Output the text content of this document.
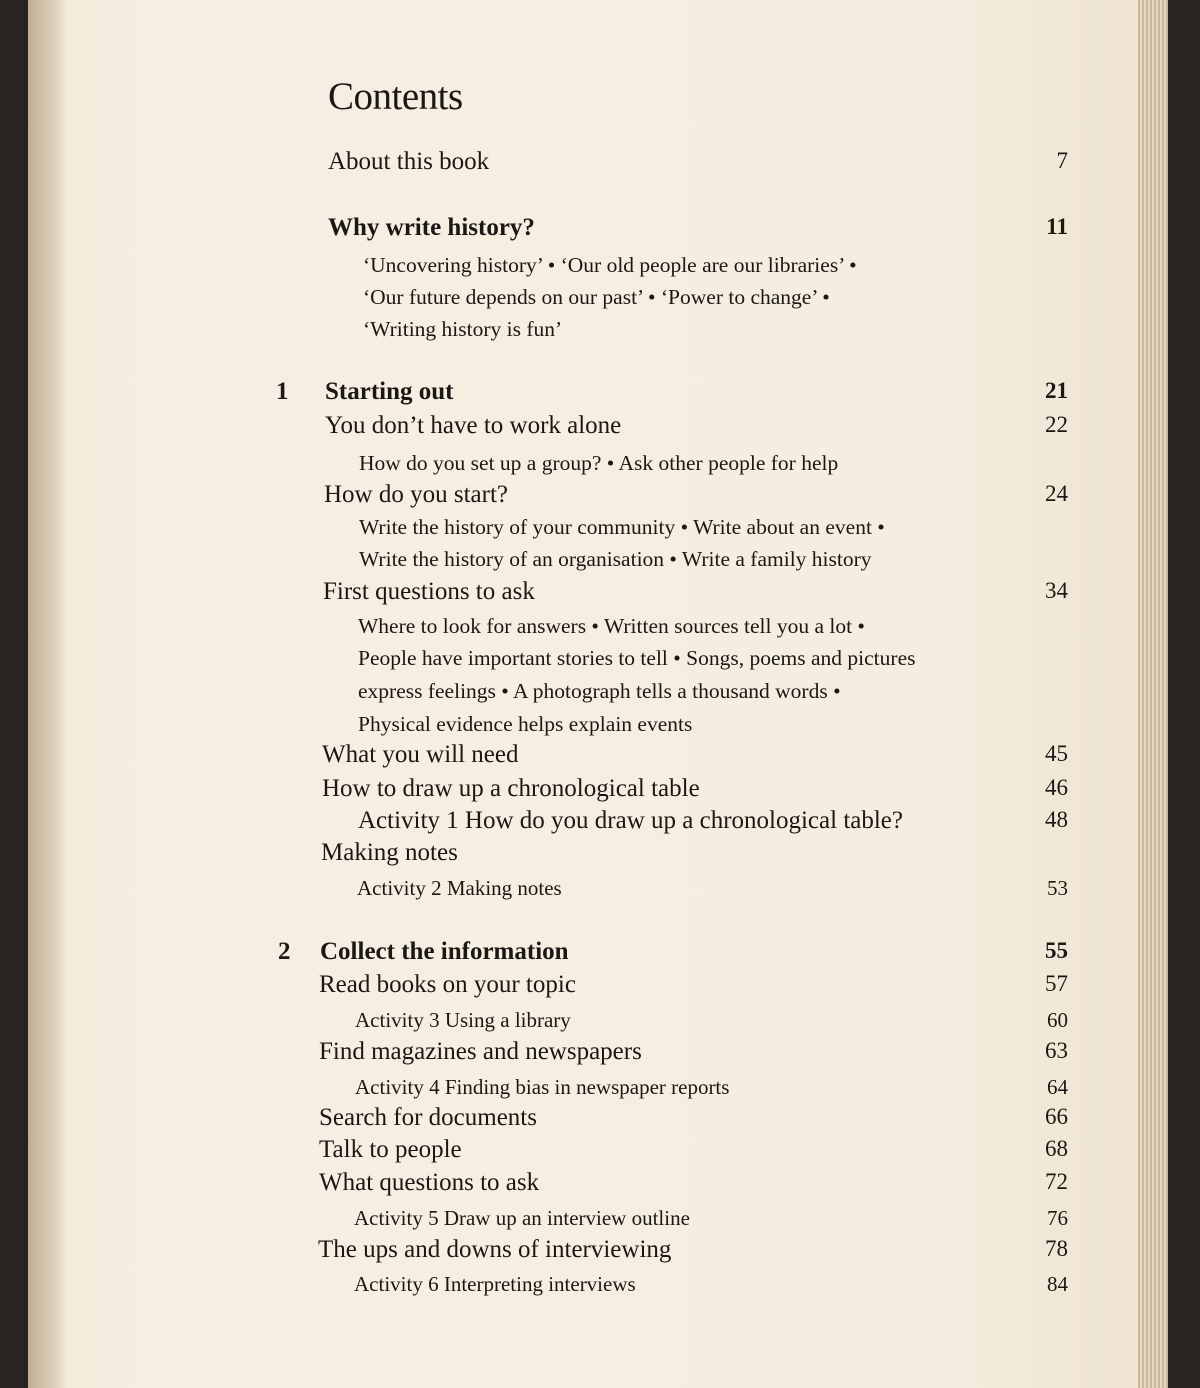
Contents
About this book	7
Why write history?	11
‘Uncovering history’ • ‘Our old people are our libraries’ •
‘Our future depends on our past’ • ‘Power to change’ •
‘Writing history is fun’
1 Starting out	21
You don’t have to work alone	22
How do you set up a group? • Ask other people for help
How do you start?	24
Write the history of your community • Write about an event •
Write the history of an organisation • Write a family history
First questions to ask	34
Where to look for answers • Written sources tell you a lot •
People have important stories to tell • Songs, poems and pictures
express feelings • A photograph tells a thousand words •
Physical evidence helps explain events
What you will need	45
How to draw up a chronological table	46
Activity 1 How do you draw up a chronological table?	48
Making notes
Activity 2 Making notes	53
2 Collect the information	55
Read books on your topic	57
Activity 3 Using a library	60
Find magazines and newspapers	63
Activity 4 Finding bias in newspaper reports	64
Search for documents	66
Talk to people	68
What questions to ask	72
Activity 5 Draw up an interview outline	76
The ups and downs of interviewing	78
Activity 6 Interpreting interviews	84
